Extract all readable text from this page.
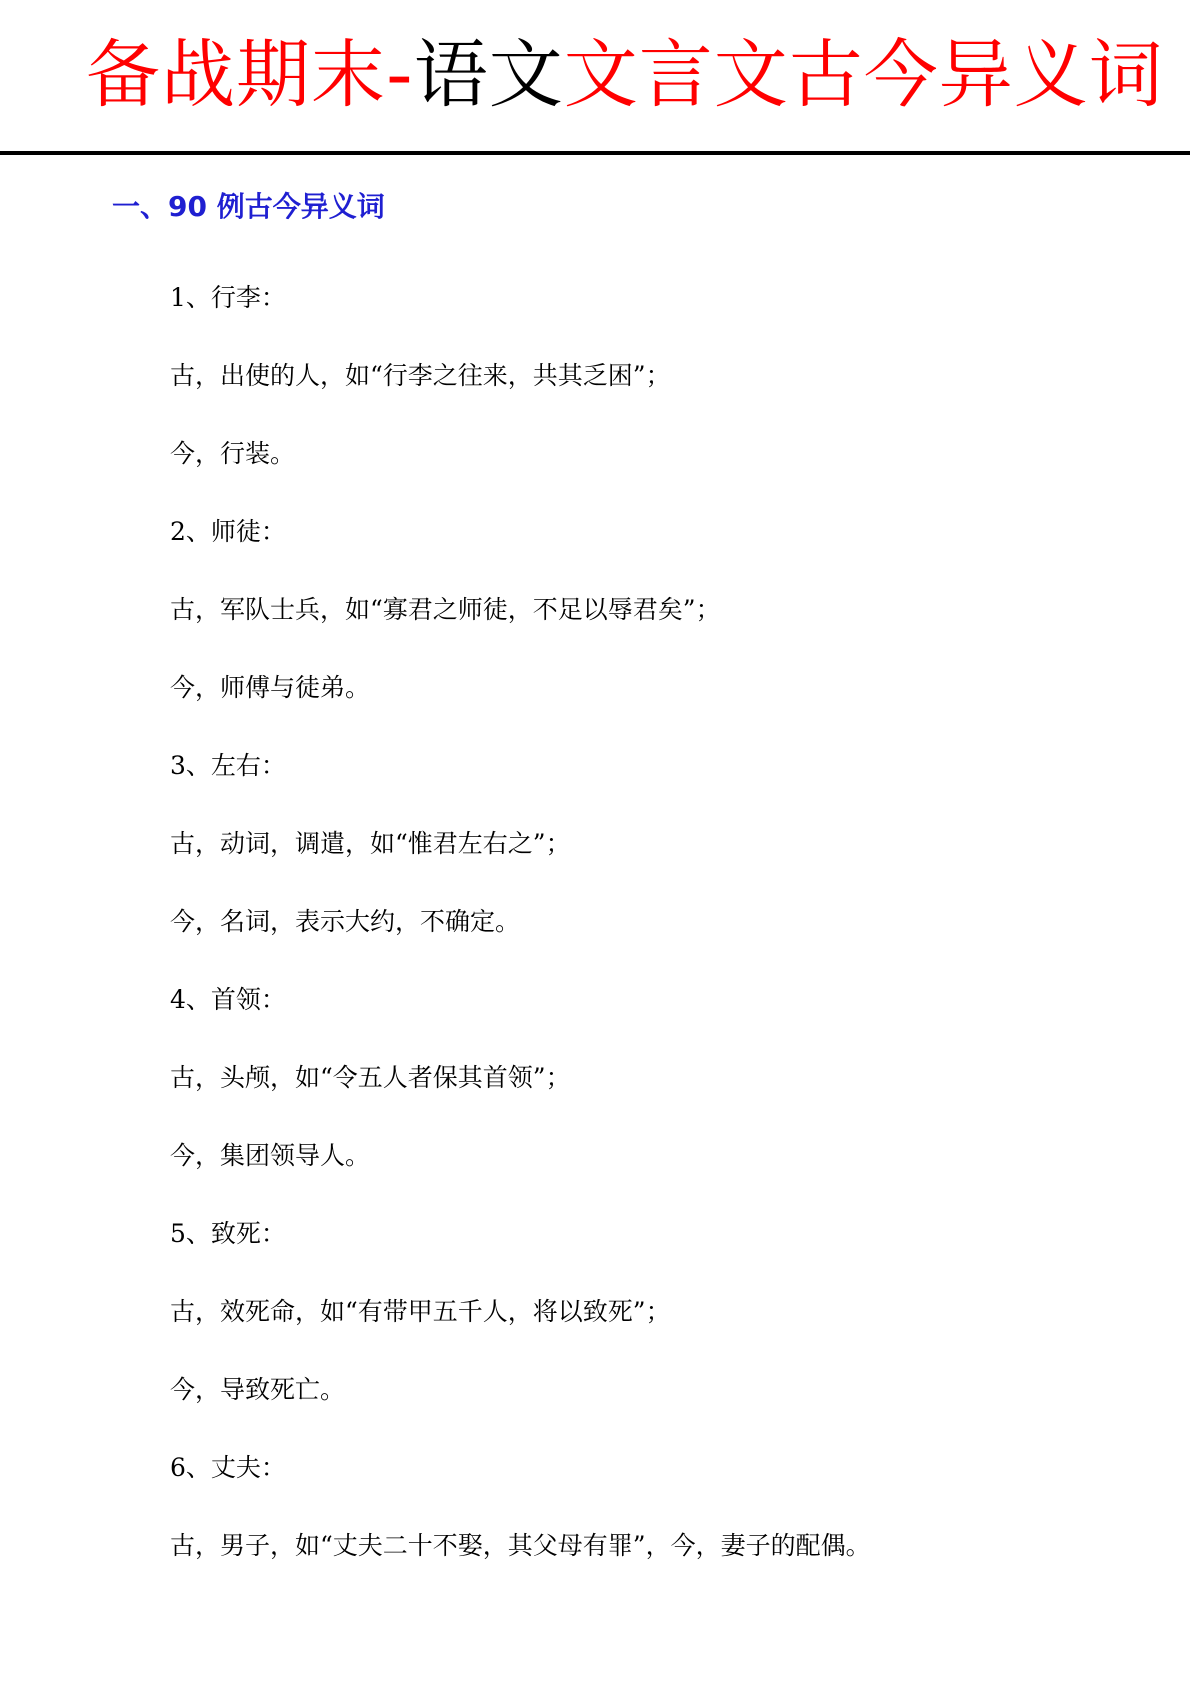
备战期末-语文文言文古今异义词
一、90 例古今异义词
1、行李：
古，出使的人，如“行李之往来，共其乏困”；
今，行装。
2、师徒：
古，军队士兵，如“寡君之师徒，不足以辱君矣”；
今，师傅与徒弟。
3、左右：
古，动词，调遣，如“惟君左右之”；
今，名词，表示大约，不确定。
4、首领：
古，头颅，如“令五人者保其首领”；
今，集团领导人。
5、致死：
古，效死命，如“有带甲五千人，将以致死”；
今，导致死亡。
6、丈夫：
古，男子，如“丈夫二十不娶，其父母有罪”，今，妻子的配偶。
